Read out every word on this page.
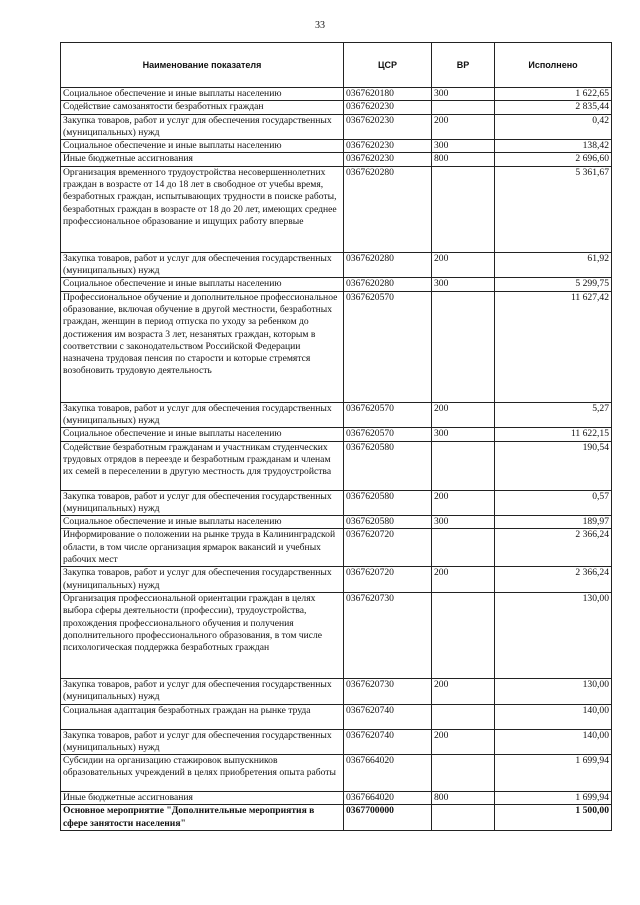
33
Наименование показателя	ЦСР	ВР	Исполнено
Социальное обеспечение и иные выплаты населению	0367620180	300	1 622,65
Содействие самозанятости безработных граждан	0367620230		2 835,44
Закупка товаров, работ и услуг для обеспечения государственных (муниципальных) нужд	0367620230	200	0,42
Социальное обеспечение и иные выплаты населению	0367620230	300	138,42
Иные бюджетные ассигнования	0367620230	800	2 696,60
Организация временного трудоустройства несовершеннолетних граждан в возрасте от 14 до 18 лет в свободное от учебы время, безработных граждан, испытывающих трудности в поиске работы, безработных граждан в возрасте от 18 до 20 лет, имеющих среднее профессиональное образование и ищущих работу впервые	0367620280		5 361,67
Закупка товаров, работ и услуг для обеспечения государственных (муниципальных) нужд	0367620280	200	61,92
Социальное обеспечение и иные выплаты населению	0367620280	300	5 299,75
Профессиональное обучение и дополнительное профессиональное образование, включая обучение в другой местности, безработных граждан, женщин в период отпуска по уходу за ребенком до достижения им возраста 3 лет, незанятых граждан, которым в соответствии с законодательством Российской Федерации назначена трудовая пенсия по старости и которые стремятся возобновить трудовую деятельность	0367620570		11 627,42
Закупка товаров, работ и услуг для обеспечения государственных (муниципальных) нужд	0367620570	200	5,27
Социальное обеспечение и иные выплаты населению	0367620570	300	11 622,15
Содействие безработным гражданам и участникам студенческих трудовых отрядов в переезде и безработным гражданам и членам их семей в переселении в другую местность для трудоустройства	0367620580		190,54
Закупка товаров, работ и услуг для обеспечения государственных (муниципальных) нужд	0367620580	200	0,57
Социальное обеспечение и иные выплаты населению	0367620580	300	189,97
Информирование о положении на рынке труда в Калининградской области, в том числе организация ярмарок вакансий и учебных рабочих мест	0367620720		2 366,24
Закупка товаров, работ и услуг для обеспечения государственных (муниципальных) нужд	0367620720	200	2 366,24
Организация профессиональной ориентации граждан в целях выбора сферы деятельности (профессии), трудоустройства, прохождения профессионального обучения и получения дополнительного профессионального образования, в том числе психологическая поддержка безработных граждан	0367620730		130,00
Закупка товаров, работ и услуг для обеспечения государственных (муниципальных) нужд	0367620730	200	130,00
Социальная адаптация безработных граждан на рынке труда	0367620740		140,00
Закупка товаров, работ и услуг для обеспечения государственных (муниципальных) нужд	0367620740	200	140,00
Субсидии на организацию стажировок выпускников образовательных учреждений в целях приобретения опыта работы	0367664020		1 699,94
Иные бюджетные ассигнования	0367664020	800	1 699,94
Основное мероприятие "Дополнительные мероприятия в сфере занятости населения"	0367700000		1 500,00
